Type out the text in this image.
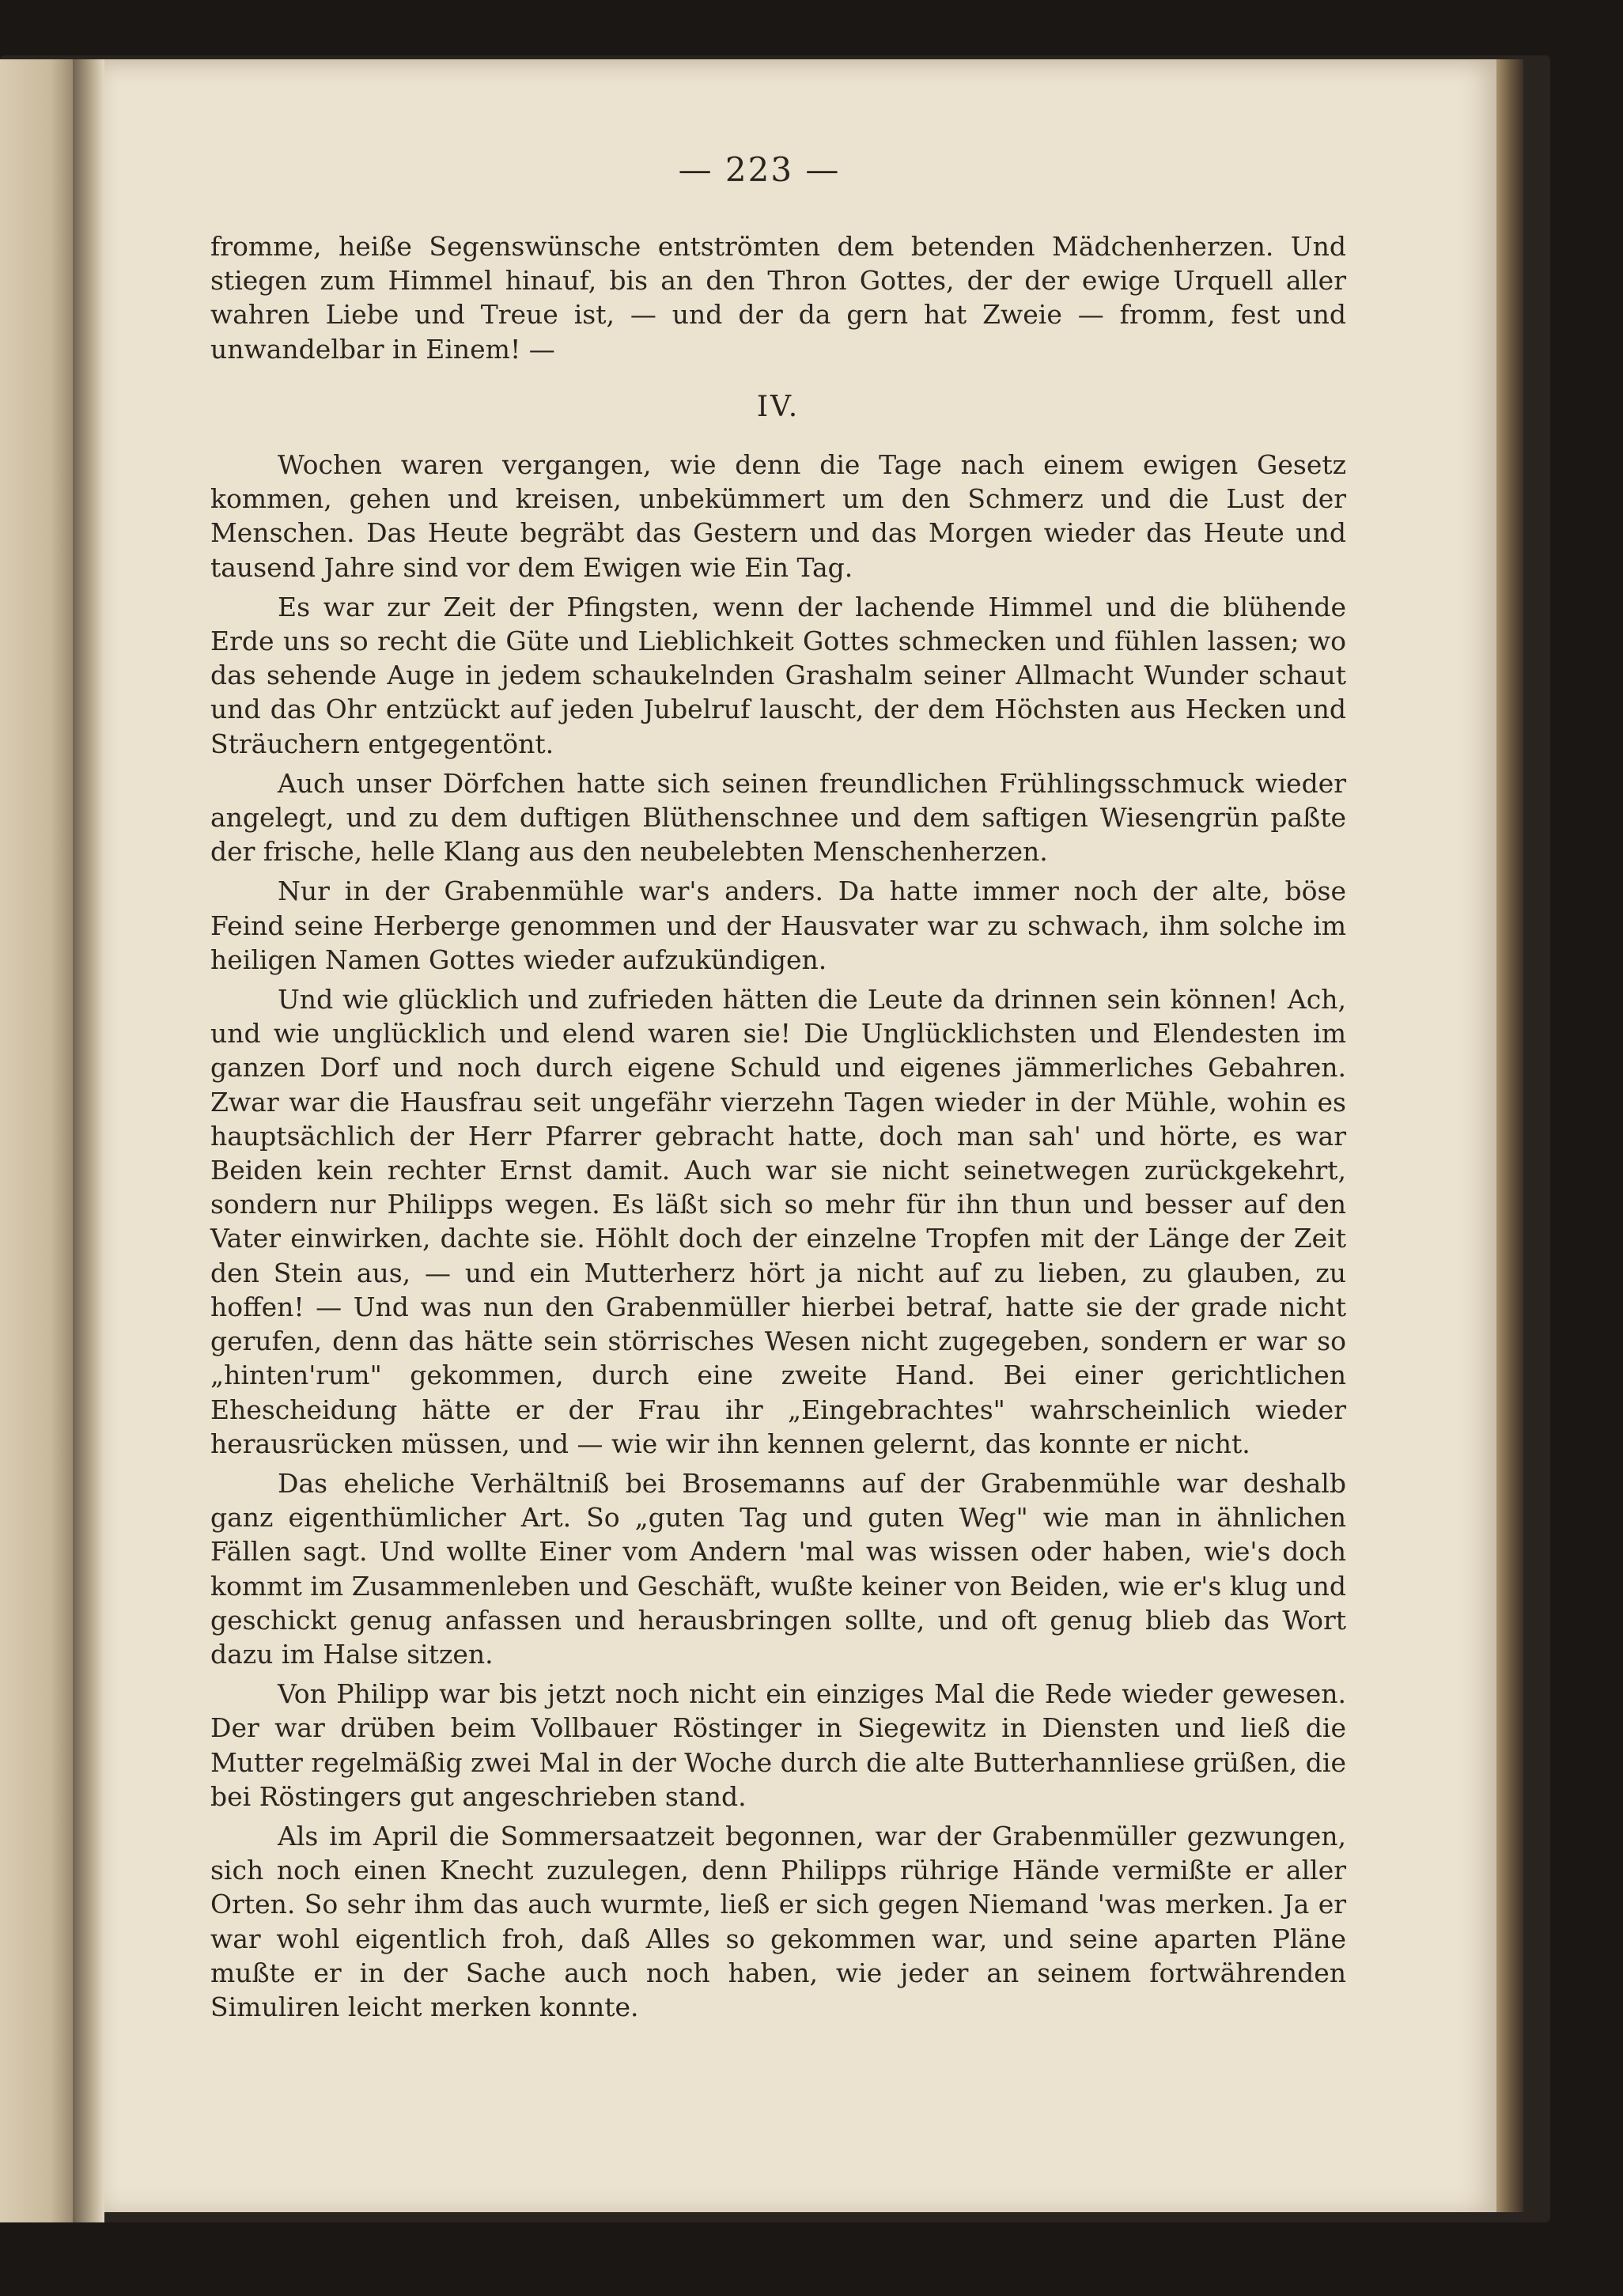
— 223 —

fromme, heiße Segenswünsche entströmten dem betenden Mädchenherzen. Und stiegen zum Himmel hinauf, bis an den Thron Gottes, der der ewige Urquell aller wahren Liebe und Treue ist, — und der da gern hat Zweie — fromm, fest und unwandelbar in Einem! —

IV.

Wochen waren vergangen, wie denn die Tage nach einem ewigen Gesetz kommen, gehen und kreisen, unbekümmert um den Schmerz und die Lust der Menschen. Das Heute begräbt das Gestern und das Morgen wieder das Heute und tausend Jahre sind vor dem Ewigen wie Ein Tag.

Es war zur Zeit der Pfingsten, wenn der lachende Himmel und die blühende Erde uns so recht die Güte und Lieblichkeit Gottes schmecken und fühlen lassen; wo das sehende Auge in jedem schaukelnden Grashalm seiner Allmacht Wunder schaut und das Ohr entzückt auf jeden Jubelruf lauscht, der dem Höchsten aus Hecken und Sträuchern entgegentönt.

Auch unser Dörfchen hatte sich seinen freundlichen Frühlingsschmuck wieder angelegt, und zu dem duftigen Blüthenschnee und dem saftigen Wiesengrün paßte der frische, helle Klang aus den neubelebten Menschenherzen.

Nur in der Grabenmühle war's anders. Da hatte immer noch der alte, böse Feind seine Herberge genommen und der Hausvater war zu schwach, ihm solche im heiligen Namen Gottes wieder aufzukündigen.

Und wie glücklich und zufrieden hätten die Leute da drinnen sein können! Ach, und wie unglücklich und elend waren sie! Die Unglücklichsten und Elendesten im ganzen Dorf und noch durch eigene Schuld und eigenes jämmerliches Gebahren. Zwar war die Hausfrau seit ungefähr vierzehn Tagen wieder in der Mühle, wohin es hauptsächlich der Herr Pfarrer gebracht hatte, doch man sah' und hörte, es war Beiden kein rechter Ernst damit. Auch war sie nicht seinetwegen zurückgekehrt, sondern nur Philipps wegen. Es läßt sich so mehr für ihn thun und besser auf den Vater einwirken, dachte sie. Höhlt doch der einzelne Tropfen mit der Länge der Zeit den Stein aus, — und ein Mutterherz hört ja nicht auf zu lieben, zu glauben, zu hoffen! — Und was nun den Grabenmüller hierbei betraf, hatte sie der grade nicht gerufen, denn das hätte sein störrisches Wesen nicht zugegeben, sondern er war so „hinten'rum" gekommen, durch eine zweite Hand. Bei einer gerichtlichen Ehescheidung hätte er der Frau ihr „Eingebrachtes" wahrscheinlich wieder herausrücken müssen, und — wie wir ihn kennen gelernt, das konnte er nicht.

Das eheliche Verhältniß bei Brosemanns auf der Grabenmühle war deshalb ganz eigenthümlicher Art. So „guten Tag und guten Weg" wie man in ähnlichen Fällen sagt. Und wollte Einer vom Andern 'mal was wissen oder haben, wie's doch kommt im Zusammenleben und Geschäft, wußte keiner von Beiden, wie er's klug und geschickt genug anfassen und herausbringen sollte, und oft genug blieb das Wort dazu im Halse sitzen.

Von Philipp war bis jetzt noch nicht ein einziges Mal die Rede wieder gewesen. Der war drüben beim Vollbauer Röstinger in Siegewitz in Diensten und ließ die Mutter regelmäßig zwei Mal in der Woche durch die alte Butterhannliese grüßen, die bei Röstingers gut angeschrieben stand.

Als im April die Sommersaatzeit begonnen, war der Grabenmüller gezwungen, sich noch einen Knecht zuzulegen, denn Philipps rührige Hände vermißte er aller Orten. So sehr ihm das auch wurmte, ließ er sich gegen Niemand 'was merken. Ja er war wohl eigentlich froh, daß Alles so gekommen war, und seine aparten Pläne mußte er in der Sache auch noch haben, wie jeder an seinem fortwährenden Simuliren leicht merken konnte.
